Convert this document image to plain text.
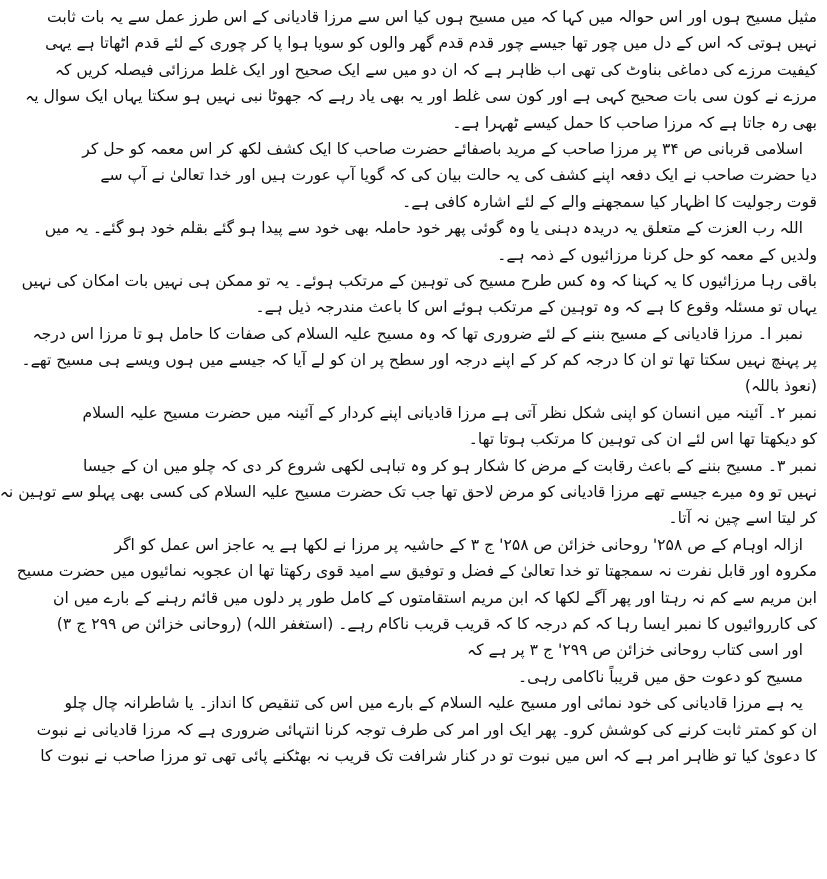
مثیل مسیح ہوں اور اس حوالہ میں کہا کہ میں مسیح ہوں کیا اس سے مرزا قادیانی کے اس طرز عمل سے یہ بات ثابت
نہیں ہوتی کہ اس کے دل میں چور تھا جیسے چور قدم قدم گھر والوں کو سویا ہوا پا کر چوری کے لئے قدم اٹھاتا ہے یہی
کیفیت مرزے کی دماغی بناوٹ کی تھی اب ظاہر ہے کہ ان دو میں سے ایک صحیح اور ایک غلط مرزائی فیصلہ کریں کہ
مرزے نے کون سی بات صحیح کہی ہے اور کون سی غلط اور یہ بھی یاد رہے کہ جھوٹا نبی نہیں ہو سکتا یہاں ایک سوال یہ
بھی رہ جاتا ہے کہ مرزا صاحب کا حمل کیسے ٹھہرا ہے۔
اسلامی قربانی ص ۳۴ پر مرزا صاحب کے مرید باصفائے حضرت صاحب کا ایک کشف لکھ کر اس معمہ کو حل کر
دیا حضرت صاحب نے ایک دفعہ اپنے کشف کی یہ حالت بیان کی کہ گویا آپ عورت ہیں اور خدا تعالیٰ نے آپ سے
قوت رجولیت کا اظہار کیا سمجھنے والے کے لئے اشارہ کافی ہے۔
اللہ رب العزت کے متعلق یہ دریدہ دہنی یا وہ گوئی پھر خود حاملہ بھی خود سے پیدا ہو گئے بقلم خود ہو گئے۔ یہ میں
ولدیں کے معمہ کو حل کرنا مرزائیوں کے ذمہ ہے۔
باقی رہا مرزائیوں کا یہ کہنا کہ وہ کس طرح مسیح کی توہین کے مرتکب ہوئے۔ یہ تو ممکن ہی نہیں بات امکان کی نہیں
یہاں تو مسئلہ وقوع کا ہے کہ وہ توہین کے مرتکب ہوئے اس کا باعث مندرجہ ذیل ہے۔
نمبر ا۔ مرزا قادیانی کے مسیح بننے کے لئے ضروری تھا کہ وہ مسیح علیہ السلام کی صفات کا حامل ہو تا مرزا اس درجہ
پر پہنچ نہیں سکتا تھا تو ان کا درجہ کم کر کے اپنے درجہ اور سطح پر ان کو لے آیا کہ جیسے میں ہوں ویسے ہی مسیح تھے۔
(نعوذ باللہ)
نمبر ۲۔ آئینہ میں انسان کو اپنی شکل نظر آتی ہے مرزا قادیانی اپنے کردار کے آئینہ میں حضرت مسیح علیہ السلام
کو دیکھتا تھا اس لئے ان کی توہین کا مرتکب ہوتا تھا۔
نمبر ۳۔ مسیح بننے کے باعث رقابت کے مرض کا شکار ہو کر وہ تباہی لکھی شروع کر دی کہ چلو میں ان کے جیسا
نہیں تو وہ میرے جیسے تھے مرزا قادیانی کو مرض لاحق تھا جب تک حضرت مسیح علیہ السلام کی کسی بھی پہلو سے توہین نہ
کر لیتا اسے چین نہ آتا۔
ازالہ اوہام کے ص ۲۵۸' روحانی خزائن ص ۲۵۸' ج ۳ کے حاشیہ پر مرزا نے لکھا ہے یہ عاجز اس عمل کو اگر
مکروہ اور قابل نفرت نہ سمجھتا تو خدا تعالیٰ کے فضل و توفیق سے امید قوی رکھتا تھا ان عجوبہ نمائیوں میں حضرت مسیح
ابن مریم سے کم نہ رہتا اور پھر آگے لکھا کہ ابن مریم استقامتوں کے کامل طور پر دلوں میں قائم رہنے کے بارے میں ان
کی کارروائیوں کا نمبر ایسا رہا کہ کم درجہ کا کہ قریب قریب ناکام رہے۔ (استغفر اللہ) (روحانی خزائن ص ۲۹۹ ج ۳)
اور اسی کتاب روحانی خزائن ص ۲۹۹' ج ۳ پر ہے کہ
مسیح کو دعوت حق میں قریباً ناکامی رہی۔
یہ ہے مرزا قادیانی کی خود نمائی اور مسیح علیہ السلام کے بارے میں اس کی تنقیص کا انداز۔ یا شاطرانہ چال چلو
ان کو کمتر ثابت کرنے کی کوشش کرو۔ پھر ایک اور امر کی طرف توجہ کرنا انتہائی ضروری ہے کہ مرزا قادیانی نے نبوت
کا دعویٰ کیا تو ظاہر امر ہے کہ اس میں نبوت تو در کنار شرافت تک قریب نہ بھٹکنے پائی تھی تو مرزا صاحب نے نبوت کا
